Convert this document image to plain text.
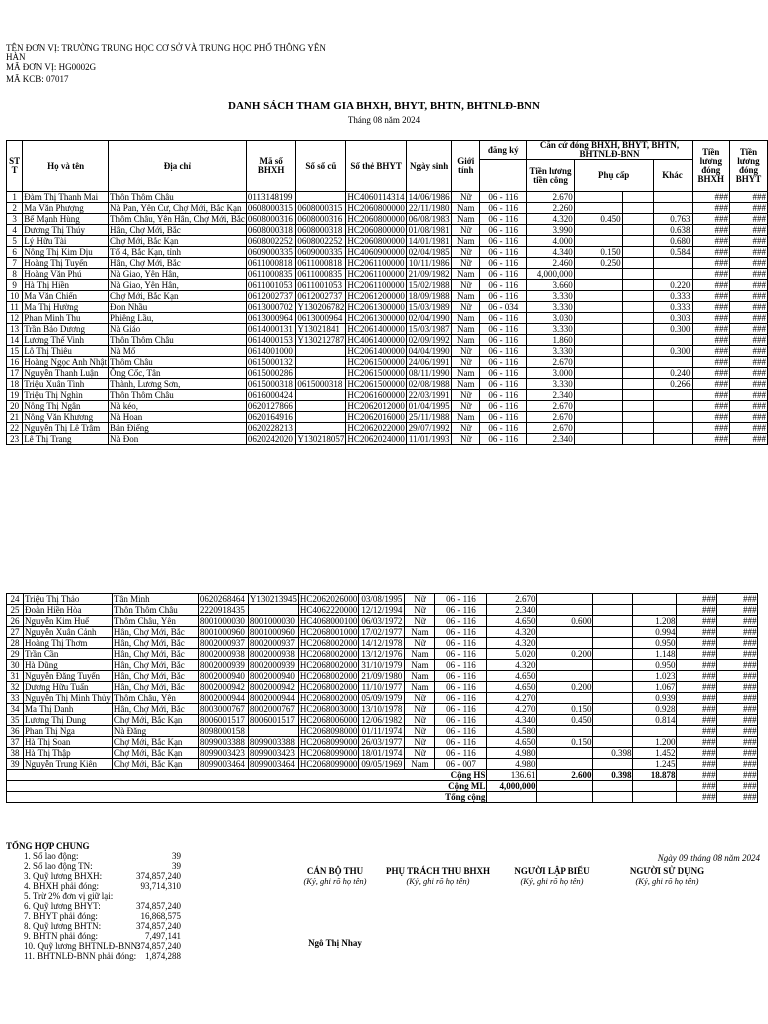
TÊN ĐƠN VỊ: TRƯỜNG TRUNG HỌC CƠ SỞ VÀ TRUNG HỌC PHỔ THÔNG YÊN
HÀN
MÃ ĐƠN VỊ: HG0002G
MÃ KCB: 07017
DANH SÁCH THAM GIA BHXH, BHYT, BHTN, BHTNLĐ-BNN
Tháng 08 năm 2024
ST T	Họ và tên	Địa chỉ	Mã số BHXH	Sổ sổ cũ	Số thẻ BHYT	Ngày sinh	Giới tính	đăng ký	Căn cứ đóng BHXH, BHYT, BHTN, BHTNLĐ-BNN				Tiền lương đóng BHXH	Tiền lương đóng BHYT
									Tiền lương tiền công	Phụ cấp		Khác		
1	Đàm Thị Thanh Mai	Thôn Thôm Châu	0113148199		HC4060114314	14/06/1986	Nữ	06 - 116	2.670				###	###
2	Ma Văn Phượng	Nà Pan, Yên Cư, Chợ Mới, Bắc Kạn	0608000315	0608000315	HC2060800000	22/11/1980	Nam	06 - 116	2.260				###	###
3	Bế Mạnh Hùng	Thôm Châu, Yên Hân, Chợ Mới, Bắc	0608000316	0608000316	HC2060800000	06/08/1983	Nam	06 - 116	4.320	0.450		0.763	###	###
4	Dương Thị Thúy	Hân, Chợ Mới, Bắc	0608000318	0608000318	HC2060800000	01/08/1981	Nữ	06 - 116	3.990			0.638	###	###
5	Lý Hữu Tài	Chợ Mới, Bắc Kạn	0608002252	0608002252	HC2060800000	14/01/1981	Nam	06 - 116	4.000			0.680	###	###
6	Nông Thị Kim Dịu	Tổ 4, Bắc Kạn, tỉnh	0609000335	0609000335	HC4060900000	02/04/1985	Nữ	06 - 116	4.340	0.150		0.584	###	###
7	Hoàng Thị Tuyến	Hân, Chợ Mới, Bắc	0611000818	0611000818	HC2061100000	10/11/1986	Nữ	06 - 116	2.460	0.250			###	###
8	Hoàng Văn Phú	Nà Giao, Yên Hân,	0611000835	0611000835	HC2061100000	21/09/1982	Nam	06 - 116	4,000,000				###	###
9	Hà Thị Hiền	Nà Giao, Yên Hân,	0611001053	0611001053	HC2061100000	15/02/1988	Nữ	06 - 116	3.660			0.220	###	###
10	Ma Văn Chiến	Chợ Mới, Bắc Kạn	0612002737	0612002737	HC2061200000	18/09/1988	Nam	06 - 116	3.330			0.333	###	###
11	Ma Thị Hường	Đon Nhầu	0613000702	Y130206782	HC2061300000	15/03/1989	Nữ	06 - 034	3.330			0.333	###	###
12	Phan Minh Thu	Phiêng Lầu,	0613000964	0613000964	HC2061300000	02/04/1990	Nam	06 - 116	3.030			0.303	###	###
13	Trần Bảo Dương	Nà Giáo	0614000131	Y13021841	HC2061400000	15/03/1987	Nam	06 - 116	3.330			0.300	###	###
14	Lương Thế Vinh	Thôn Thôm Châu	0614000153	Y130212787	HC4061400000	02/09/1992	Nam	06 - 116	1.860				###	###
15	Lô Thị Thiêu	Nà Mố	0614001000		HC2061400000	04/04/1990	Nữ	06 - 116	3.330			0.300	###	###
16	Hoàng Ngọc Anh Nhật	Thôm Châu	0615000132		HC2061500000	24/06/1991	Nữ	06 - 116	2.670				###	###
17	Nguyễn Thanh Luận	Ông Cốc, Tân	0615000286		HC2061500000	08/11/1990	Nam	06 - 116	3.000			0.240	###	###
18	Triệu Xuân Tình	Thành, Lương Sơn,	0615000318	0615000318	HC2061500000	02/08/1988	Nam	06 - 116	3.330			0.266	###	###
19	Triệu Thị Nghìn	Thôn Thôm Châu	0616000424		HC2061600000	22/03/1991	Nữ	06 - 116	2.340				###	###
20	Nông Thị Ngân	Nà kéo,	0620127866		HC2062012000	01/04/1995	Nữ	06 - 116	2.670				###	###
21	Nông Văn Khương	Nà Hoan	0620164916		HC2062016000	25/11/1988	Nam	06 - 116	2.670				###	###
22	Nguyễn Thị Lê Trâm	Bản Điếng	0620228213		HC2062022000	29/07/1992	Nữ	06 - 116	2.670				###	###
23	Lê Thị Trang	Nà Đon	0620242020	Y130218057	HC2062024000	11/01/1993	Nữ	06 - 116	2.340				###	###
24	Triệu Thị Thảo	Tân Minh	0620268464	Y130213945	HC2062026000	03/08/1995	Nữ	06 - 116	2.670				###	###
25	Đoàn Hiền Hòa	Thôn Thôm Châu	2220918435		HC4062220000	12/12/1994	Nữ	06 - 116	2.340				###	###
26	Nguyễn Kim Huế	Thôm Châu, Yên	8001000030	8001000030	HC4068000100	06/03/1972	Nữ	06 - 116	4.650	0.600		1.208	###	###
27	Nguyễn Xuân Cảnh	Hân, Chợ Mới, Bắc	8001000960	8001000960	HC2068001000	17/02/1977	Nam	06 - 116	4.320			0.994	###	###
28	Hoàng Thị Thơm	Hân, Chợ Mới, Bắc	8002000937	8002000937	HC2068002000	14/12/1978	Nữ	06 - 116	4.320			0.950	###	###
29	Trần Cần	Hân, Chợ Mới, Bắc	8002000938	8002000938	HC2068002000	13/12/1976	Nam	06 - 116	5.020	0.200		1.148	###	###
30	Hà Dũng	Hân, Chợ Mới, Bắc	8002000939	8002000939	HC2068002000	31/10/1979	Nam	06 - 116	4.320			0.950	###	###
31	Nguyễn Đăng Tuyển	Hân, Chợ Mới, Bắc	8002000940	8002000940	HC2068002000	21/09/1980	Nam	06 - 116	4.650			1.023	###	###
32	Dương Hữu Tuấn	Hân, Chợ Mới, Bắc	8002000942	8002000942	HC2068002000	11/10/1977	Nam	06 - 116	4.650	0.200		1.067	###	###
33	Nguyễn Thị Minh Thủy	Thôm Châu, Yên	8002000944	8002000944	HC2068002000	05/09/1979	Nữ	06 - 116	4.270			0.939	###	###
34	Ma Thị Danh	Hân, Chợ Mới, Bắc	8003000767	8002000767	HC2068003000	13/10/1978	Nữ	06 - 116	4.270	0.150		0.928	###	###
35	Lương Thị Dung	Chợ Mới, Bắc Kạn	8006001517	8006001517	HC2068006000	12/06/1982	Nữ	06 - 116	4.340	0.450		0.814	###	###
36	Phan Thị Nga	Nà Đăng	8098000158		HC2068098000	01/11/1974	Nữ	06 - 116	4.580				###	###
37	Hà Thị Soan	Chợ Mới, Bắc Kạn	8099003388	8099003388	HC2068099000	26/03/1977	Nữ	06 - 116	4.650	0.150		1.200	###	###
38	Hà Thị Thập	Chợ Mới, Bắc Kạn	8099003423	8099003423	HC2068099000	18/01/1974	Nữ	06 - 116	4.980		0.398	1.452	###	###
39	Nguyễn Trung Kiên	Chợ Mới, Bắc Kạn	8099003464	8099003464	HC2068099000	09/05/1969	Nam	06 - 007	4.980			1.245	###	###
Cộng HS									136.61	2.600	0.398	18.878	###	###
Cộng ML									4,000,000				###	###
Tổng cộng													###	###
TỔNG HỢP CHUNG
1. Số lao động:	39
2. Số lao động TN:	39
3. Quỹ lương BHXH:	374,857,240
4. BHXH phải đóng:	93,714,310
5. Trừ 2% đơn vị giữ lại:
6. Quỹ lương BHYT:	374,857,240
7. BHYT phải đóng:	16,868,575
8. Quỹ lương BHTN:	374,857,240
9. BHTN phải đóng:	7,497,141
10. Quỹ lương BHTNLĐ-BNN:
374,857,240
11. BHTNLĐ-BNN phải đóng: 1,874,288
Ngày 09 tháng 08 năm 2024
CÁN BỘ THU
(Ký, ghi rõ họ tên)
Ngô Thị Nhay
PHỤ TRÁCH THU BHXH
(Ký, ghi rõ họ tên)
NGƯỜI LẬP BIỂU
(Ký, ghi rõ họ tên)
NGƯỜI SỬ DỤNG
(Ký, ghi rõ họ tên)
